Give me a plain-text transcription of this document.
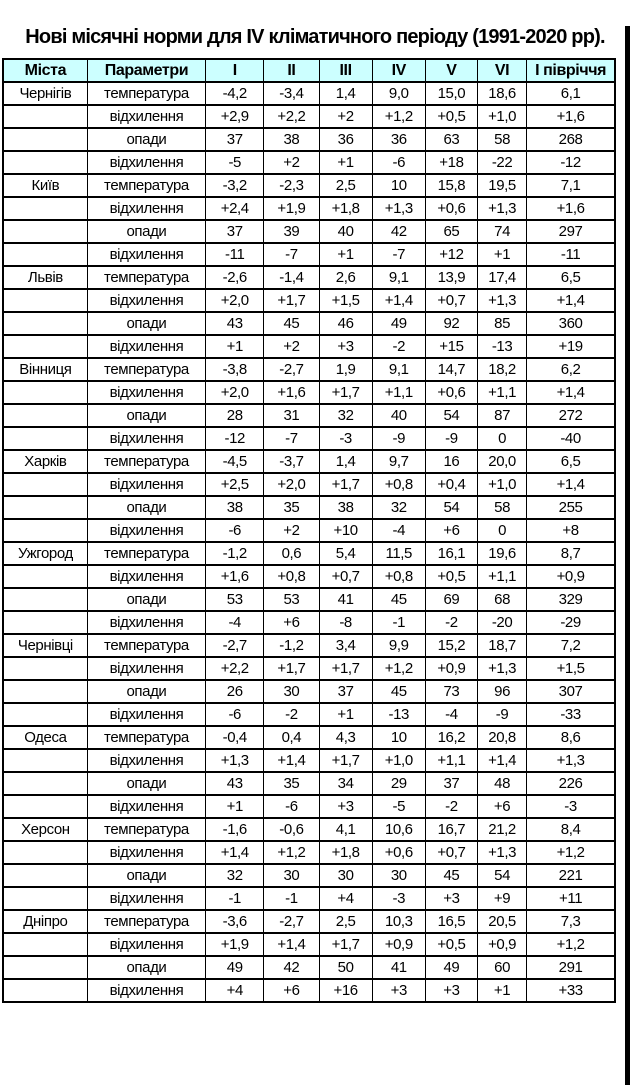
Нові місячні норми для IV кліматичного періоду (1991-2020 рр).
Міста	Параметри	I	II	III	IV	V	VI	І півріччя
Чернігів	температура	-4,2	-3,4	1,4	9,0	15,0	18,6	6,1
	відхилення	+2,9	+2,2	+2	+1,2	+0,5	+1,0	+1,6
	опади	37	38	36	36	63	58	268
	відхилення	-5	+2	+1	-6	+18	-22	-12
Київ	температура	-3,2	-2,3	2,5	10	15,8	19,5	7,1
	відхилення	+2,4	+1,9	+1,8	+1,3	+0,6	+1,3	+1,6
	опади	37	39	40	42	65	74	297
	відхилення	-11	-7	+1	-7	+12	+1	-11
Львів	температура	-2,6	-1,4	2,6	9,1	13,9	17,4	6,5
	відхилення	+2,0	+1,7	+1,5	+1,4	+0,7	+1,3	+1,4
	опади	43	45	46	49	92	85	360
	відхилення	+1	+2	+3	-2	+15	-13	+19
Вінниця	температура	-3,8	-2,7	1,9	9,1	14,7	18,2	6,2
	відхилення	+2,0	+1,6	+1,7	+1,1	+0,6	+1,1	+1,4
	опади	28	31	32	40	54	87	272
	відхилення	-12	-7	-3	-9	-9	0	-40
Харків	температура	-4,5	-3,7	1,4	9,7	16	20,0	6,5
	відхилення	+2,5	+2,0	+1,7	+0,8	+0,4	+1,0	+1,4
	опади	38	35	38	32	54	58	255
	відхилення	-6	+2	+10	-4	+6	0	+8
Ужгород	температура	-1,2	0,6	5,4	11,5	16,1	19,6	8,7
	відхилення	+1,6	+0,8	+0,7	+0,8	+0,5	+1,1	+0,9
	опади	53	53	41	45	69	68	329
	відхилення	-4	+6	-8	-1	-2	-20	-29
Чернівці	температура	-2,7	-1,2	3,4	9,9	15,2	18,7	7,2
	відхилення	+2,2	+1,7	+1,7	+1,2	+0,9	+1,3	+1,5
	опади	26	30	37	45	73	96	307
	відхилення	-6	-2	+1	-13	-4	-9	-33
Одеса	температура	-0,4	0,4	4,3	10	16,2	20,8	8,6
	відхилення	+1,3	+1,4	+1,7	+1,0	+1,1	+1,4	+1,3
	опади	43	35	34	29	37	48	226
	відхилення	+1	-6	+3	-5	-2	+6	-3
Херсон	температура	-1,6	-0,6	4,1	10,6	16,7	21,2	8,4
	відхилення	+1,4	+1,2	+1,8	+0,6	+0,7	+1,3	+1,2
	опади	32	30	30	30	45	54	221
	відхилення	-1	-1	+4	-3	+3	+9	+11
Дніпро	температура	-3,6	-2,7	2,5	10,3	16,5	20,5	7,3
	відхилення	+1,9	+1,4	+1,7	+0,9	+0,5	+0,9	+1,2
	опади	49	42	50	41	49	60	291
	відхилення	+4	+6	+16	+3	+3	+1	+33
